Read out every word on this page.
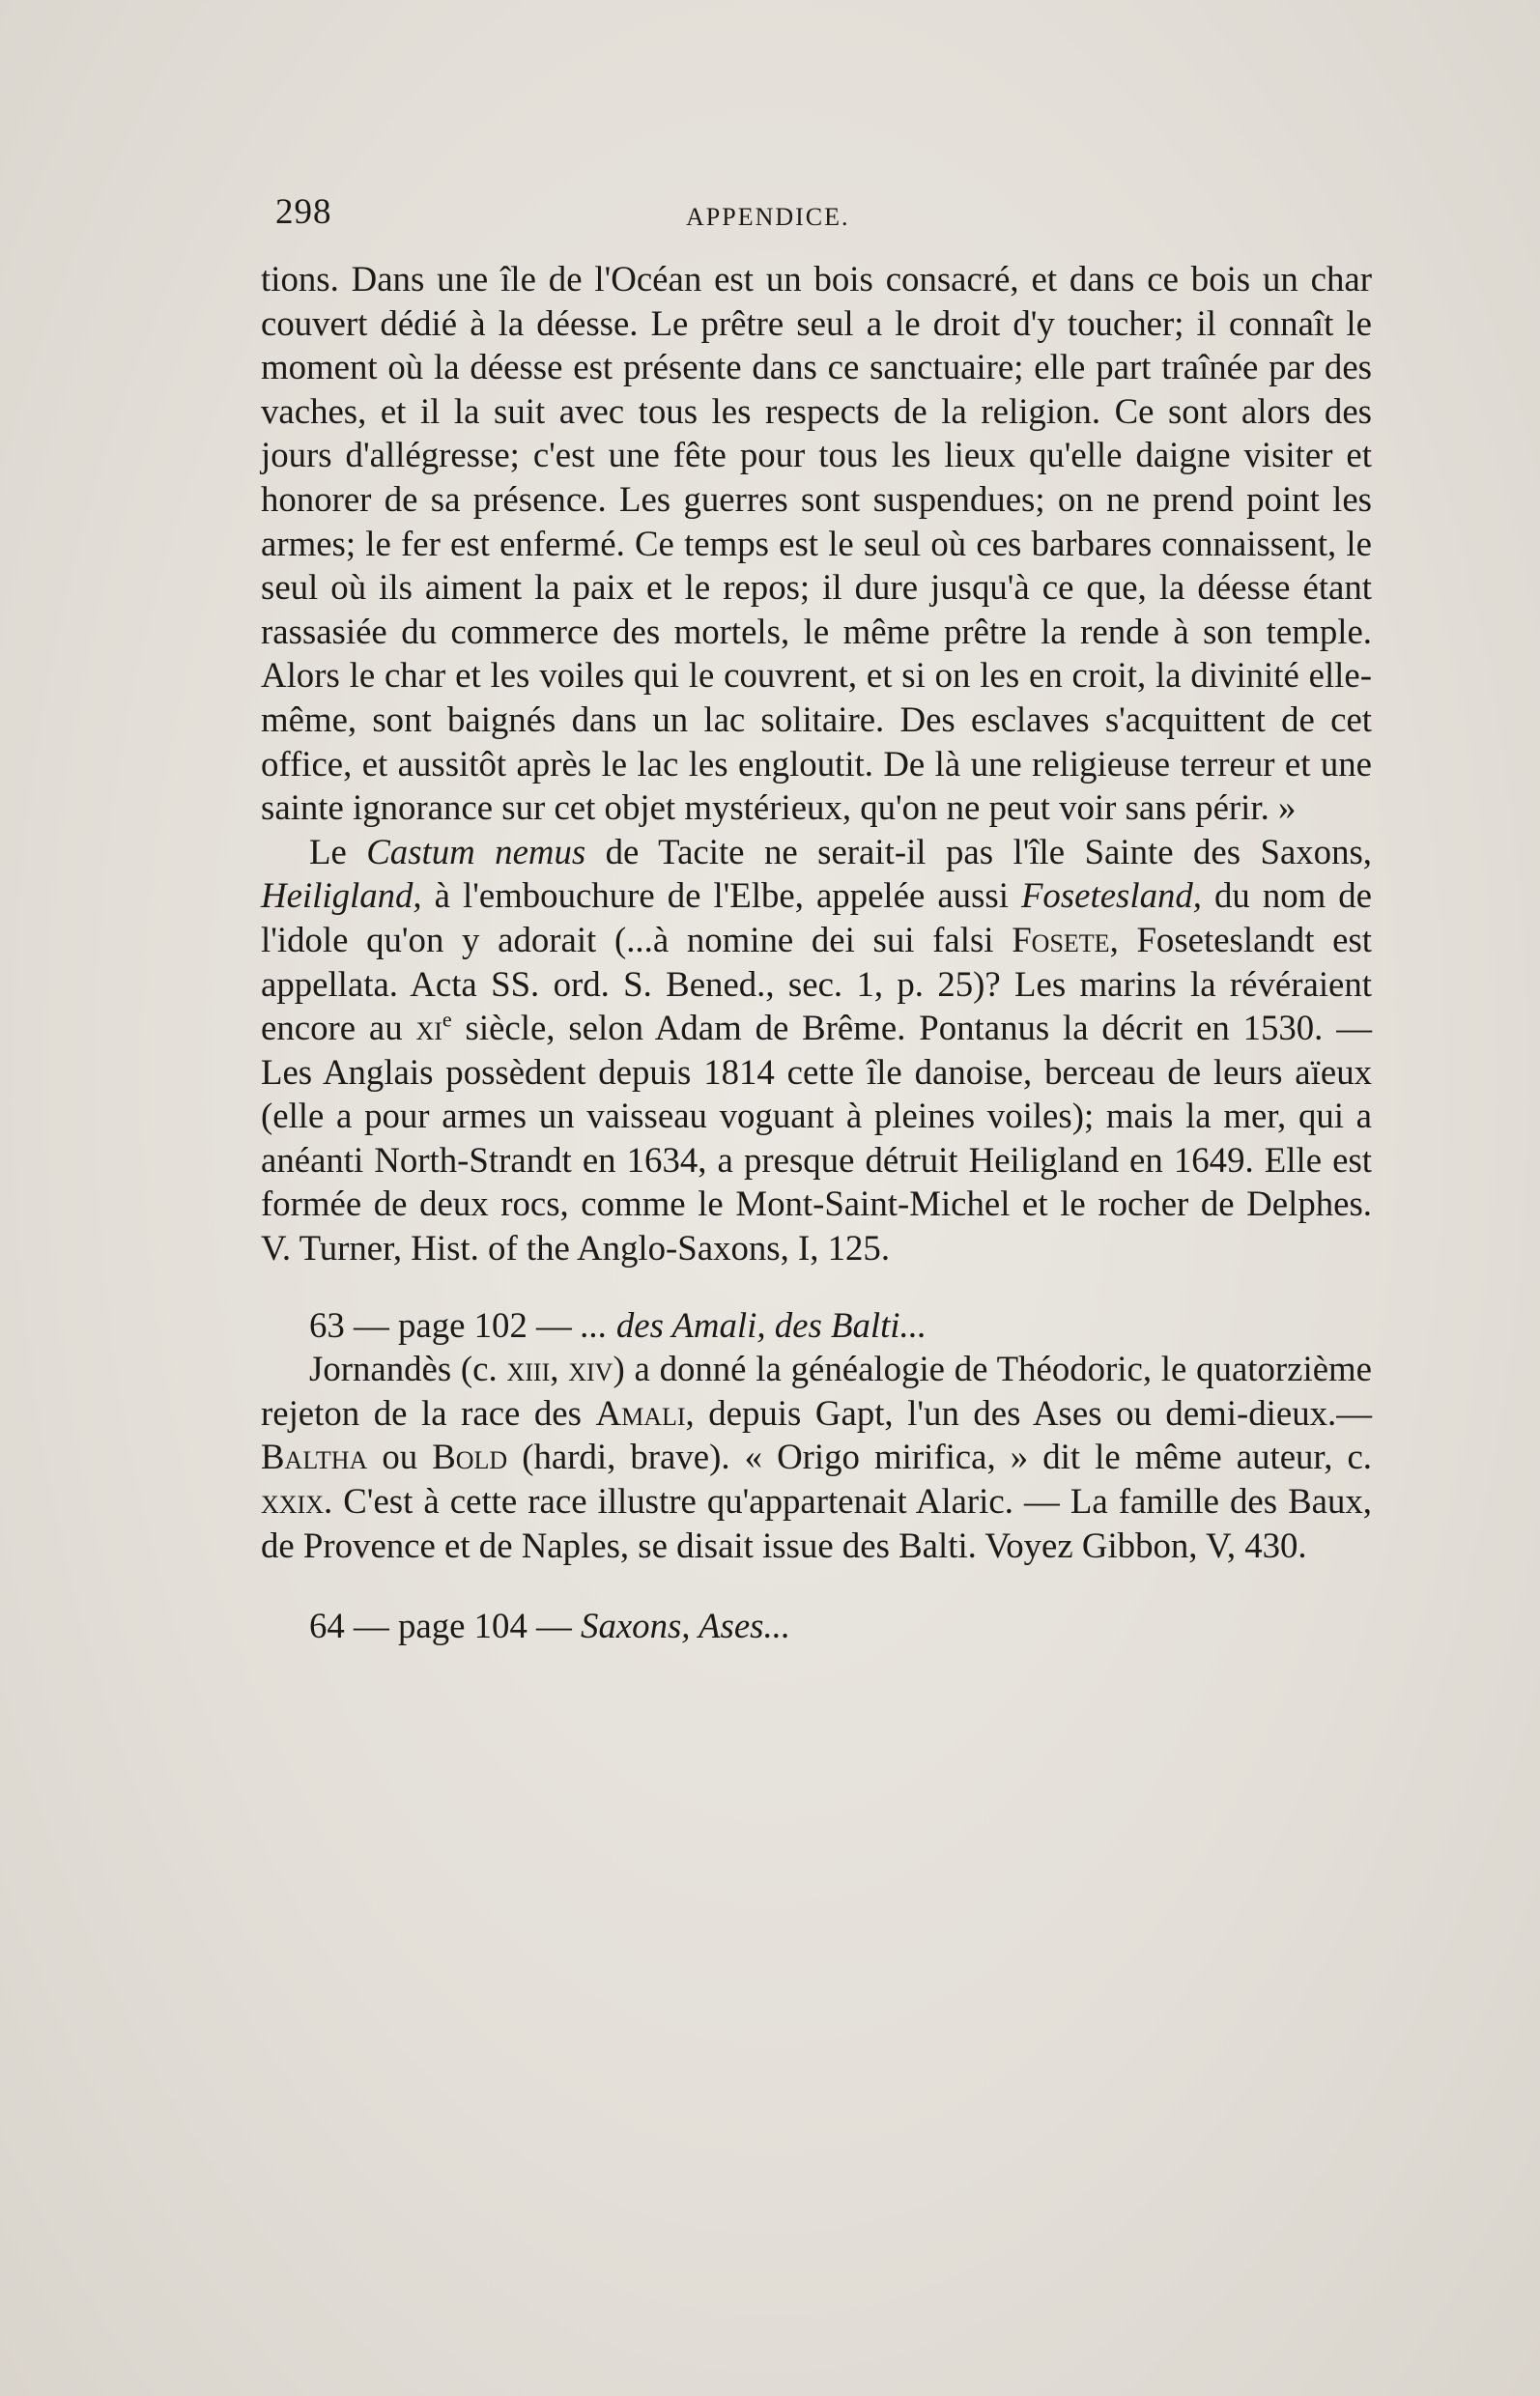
298	APPENDICE.

tions. Dans une île de l'Océan est un bois consacré, et dans ce bois un char couvert dédié à la déesse. Le prêtre seul a le droit d'y toucher; il connaît le moment où la déesse est présente dans ce sanctuaire; elle part traînée par des vaches, et il la suit avec tous les respects de la religion. Ce sont alors des jours d'allégresse; c'est une fête pour tous les lieux qu'elle daigne visiter et honorer de sa présence. Les guerres sont suspendues; on ne prend point les armes; le fer est enfermé. Ce temps est le seul où ces barbares connaissent, le seul où ils aiment la paix et le repos; il dure jusqu'à ce que, la déesse étant rassasiée du commerce des mortels, le même prêtre la rende à son temple. Alors le char et les voiles qui le couvrent, et si on les en croit, la divinité elle-même, sont baignés dans un lac solitaire. Des esclaves s'acquittent de cet office, et aussitôt après le lac les engloutit. De là une religieuse terreur et une sainte ignorance sur cet objet mystérieux, qu'on ne peut voir sans périr. »

Le Castum nemus de Tacite ne serait-il pas l'île Sainte des Saxons, Heiligland, à l'embouchure de l'Elbe, appelée aussi Fosetesland, du nom de l'idole qu'on y adorait (...à nomine dei sui falsi Fosete, Foseteslandt est appellata. Acta SS. ord. S. Bened., sec. 1, p. 25)? Les marins la révéraient encore au $xi^e$ siècle, selon Adam de Brême. Pontanus la décrit en 1530. — Les Anglais possèdent depuis 1814 cette île danoise, berceau de leurs aïeux (elle a pour armes un vaisseau voguant à pleines voiles); mais la mer, qui a anéanti North-Strandt en 1634, a presque détruit Heiligland en 1649. Elle est formée de deux rocs, comme le Mont-Saint-Michel et le rocher de Delphes. V. Turner, Hist. of the Anglo-Saxons, I, 125.

63 — page 102 — ... des Amali, des Balti...

Jornandès (c. xiii, xiv) a donné la généalogie de Théodoric, le quatorzième rejeton de la race des Amali, depuis Gapt, l'un des Ases ou demi-dieux.—Baltha ou Bold (hardi, brave). « Origo mirifica, » dit le même auteur, c. xxix. C'est à cette race illustre qu'appartenait Alaric. — La famille des Baux, de Provence et de Naples, se disait issue des Balti. Voyez Gibbon, V, 430.

64 — page 104 — Saxons, Ases...
